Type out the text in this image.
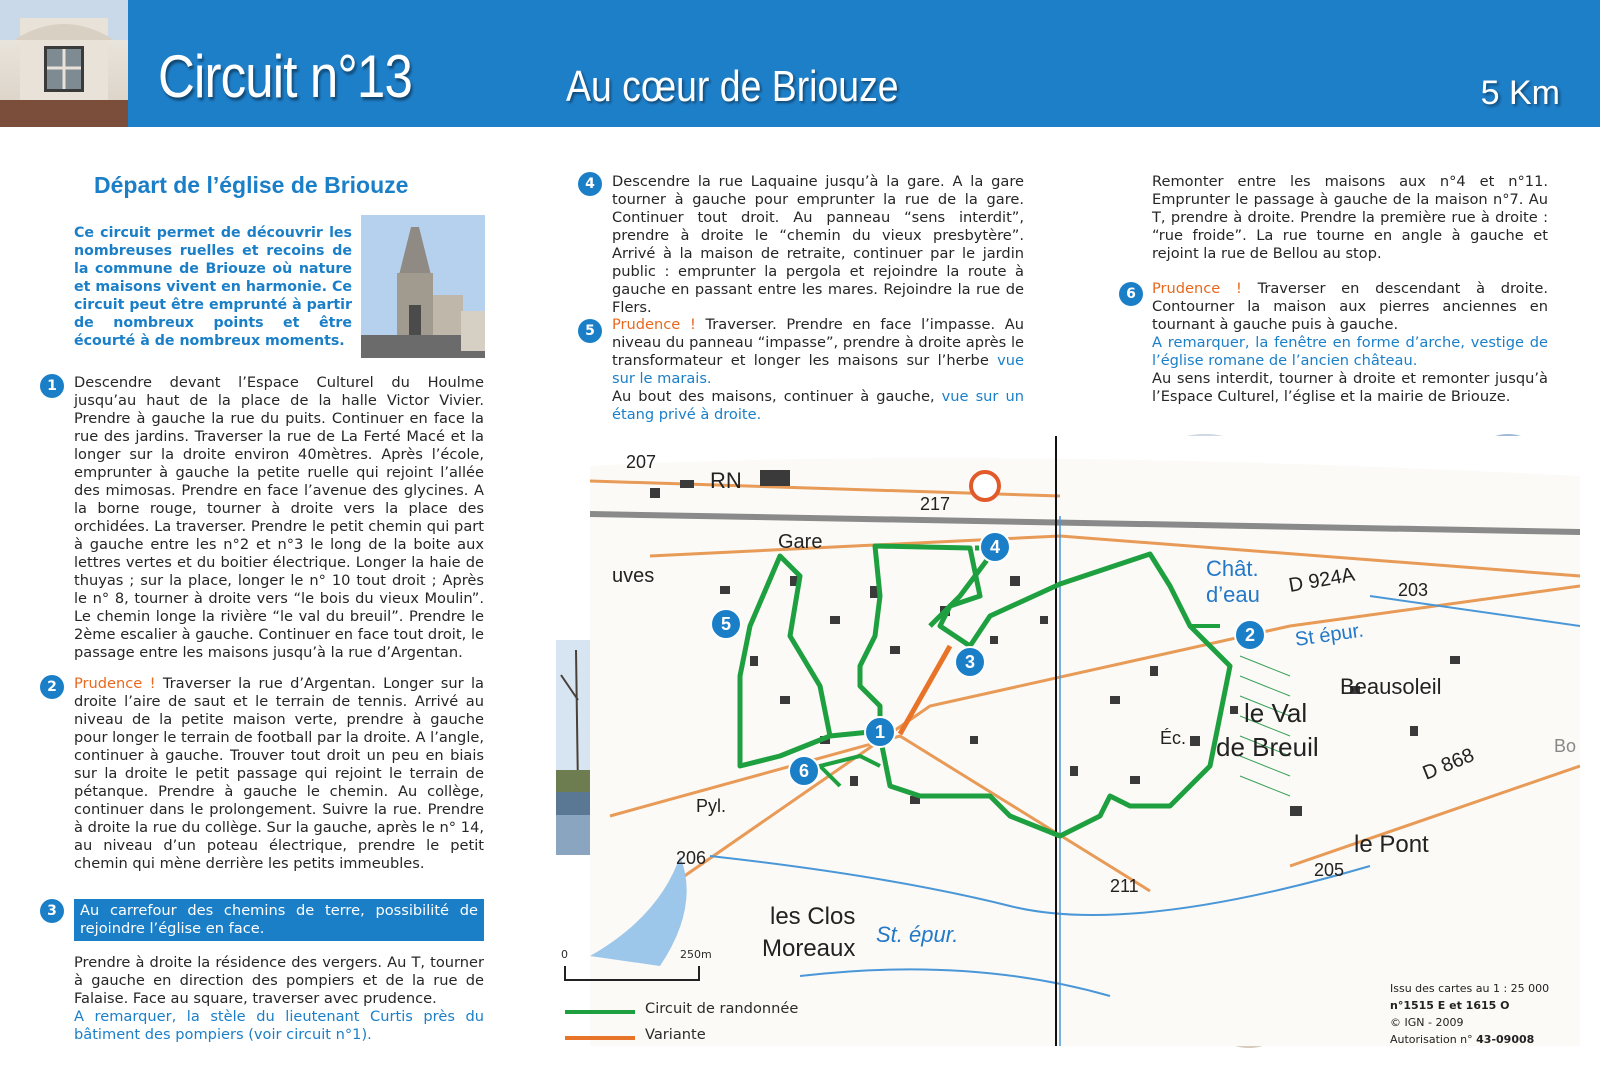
Circuit n°13	Au cœur de Briouze	5 Km
Départ de l’église de Briouze
Ce circuit permet de découvrir les nombreuses ruelles et recoins de la commune de Briouze où nature et maisons vivent en harmonie. Ce circuit peut être emprunté à partir de nombreux points et être écourté à de nombreux moments.
1	Descendre devant l’Espace Culturel du Houlme jusqu’au haut de la place de la halle Victor Vivier. Prendre à gauche la rue du puits. Continuer en face la rue des jardins. Traverser la rue de La Ferté Macé et la longer sur la droite environ 40mètres. Après l’école, emprunter à gauche la petite ruelle qui rejoint l’allée des mimosas. Prendre en face l’avenue des glycines. A la borne rouge, tourner à droite vers la place des orchidées. La traverser. Prendre le petit chemin qui part à gauche entre les n°2 et n°3 le long de la boite aux lettres vertes et du boitier électrique. Longer la haie de thuyas ; sur la place, longer le n° 10 tout droit ; Après le n° 8, tourner à droite vers “le bois du vieux Moulin”. Le chemin longe la rivière “le val du breuil”. Prendre le 2ème escalier à gauche. Continuer en face tout droit, le passage entre les maisons jusqu’à la rue d’Argentan.
2	Prudence ! Traverser la rue d’Argentan. Longer sur la droite l’aire de saut et le terrain de tennis. Arrivé au niveau de la petite maison verte, prendre à gauche pour longer le terrain de football par la droite. A l’angle, continuer à gauche. Trouver tout droit un peu en biais sur la droite le petit passage qui rejoint le terrain de pétanque. Prendre à gauche le chemin. Au collège, continuer dans le prolongement. Suivre la rue. Prendre à droite la rue du collège. Sur la gauche, après le n° 14, au niveau d’un poteau électrique, prendre le petit chemin qui mène derrière les petits immeubles.
3	Au carrefour des chemins de terre, possibilité de rejoindre l’église en face.
Prendre à droite la résidence des vergers. Au T, tourner à gauche en direction des pompiers et de la rue de Falaise. Face au square, traverser avec prudence.
A remarquer, la stèle du lieutenant Curtis près du bâtiment des pompiers (voir circuit n°1).
4	Descendre la rue Laquaine jusqu’à la gare. A la gare tourner à gauche pour emprunter la rue de la gare. Continuer tout droit. Au panneau “sens interdit”, prendre à droite le “chemin du vieux presbytère”. Arrivé à la maison de retraite, continuer par le jardin public : emprunter la pergola et rejoindre la route à gauche en passant entre les mares. Rejoindre la rue de Flers.
5	Prudence ! Traverser. Prendre en face l’impasse. Au niveau du panneau “impasse”, prendre à droite après le transformateur et longer les maisons sur l’herbe vue sur le marais.
Au bout des maisons, continuer à gauche, vue sur un étang privé à droite.
Remonter entre les maisons aux n°4 et n°11. Emprunter le passage à gauche de la maison n°7. Au T, prendre à droite. Prendre la première rue à droite : “rue froide”. La rue tourne en angle à gauche et rejoint la rue de Bellou au stop.
6	Prudence ! Traverser en descendant à droite. Contourner la maison aux pierres anciennes en tournant à gauche puis à gauche.
A remarquer, la fenêtre en forme d’arche, vestige de l’église romane de l’ancien château.
Au sens interdit, tourner à droite et remonter jusqu’à l’Espace Culturel, l’église et la mairie de Briouze.
207
RN
217
Gare
uves	Chât.
d’eau D 924A 203
St épur.
Beausoleil
le Val
de Breuil
Éc.
D 868
Pyl.
206
211
205
le Pont
les Clos
Moreaux
St. épur.
Bo
1
2
3
4
5
6
0	250m
Circuit de randonnée
Variante
Issu des cartes au 1 : 25 000
n°1515 E et 1615 O
© IGN - 2009
Autorisation n° 43-09008
